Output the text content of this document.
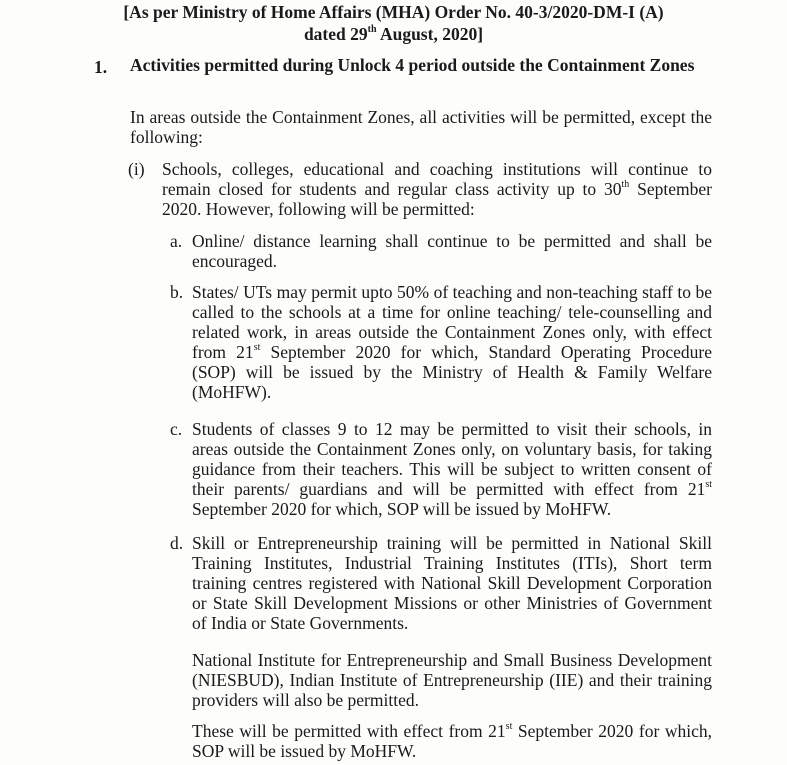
[As per Ministry of Home Affairs (MHA) Order No. 40-3/2020-DM-I (A)
dated 29th August, 2020]
1. Activities permitted during Unlock 4 period outside the Containment Zones
In areas outside the Containment Zones, all activities will be permitted, except the following:
(i) Schools, colleges, educational and coaching institutions will continue to remain closed for students and regular class activity up to 30th September 2020. However, following will be permitted:
a. Online/ distance learning shall continue to be permitted and shall be encouraged.
b. States/ UTs may permit upto 50% of teaching and non-teaching staff to be called to the schools at a time for online teaching/ tele-counselling and related work, in areas outside the Containment Zones only, with effect from 21st September 2020 for which, Standard Operating Procedure (SOP) will be issued by the Ministry of Health & Family Welfare (MoHFW).
c. Students of classes 9 to 12 may be permitted to visit their schools, in areas outside the Containment Zones only, on voluntary basis, for taking guidance from their teachers. This will be subject to written consent of their parents/ guardians and will be permitted with effect from 21st September 2020 for which, SOP will be issued by MoHFW.
d. Skill or Entrepreneurship training will be permitted in National Skill Training Institutes, Industrial Training Institutes (ITIs), Short term training centres registered with National Skill Development Corporation or State Skill Development Missions or other Ministries of Government of India or State Governments.
National Institute for Entrepreneurship and Small Business Development (NIESBUD), Indian Institute of Entrepreneurship (IIE) and their training providers will also be permitted.
These will be permitted with effect from 21st September 2020 for which, SOP will be issued by MoHFW.
